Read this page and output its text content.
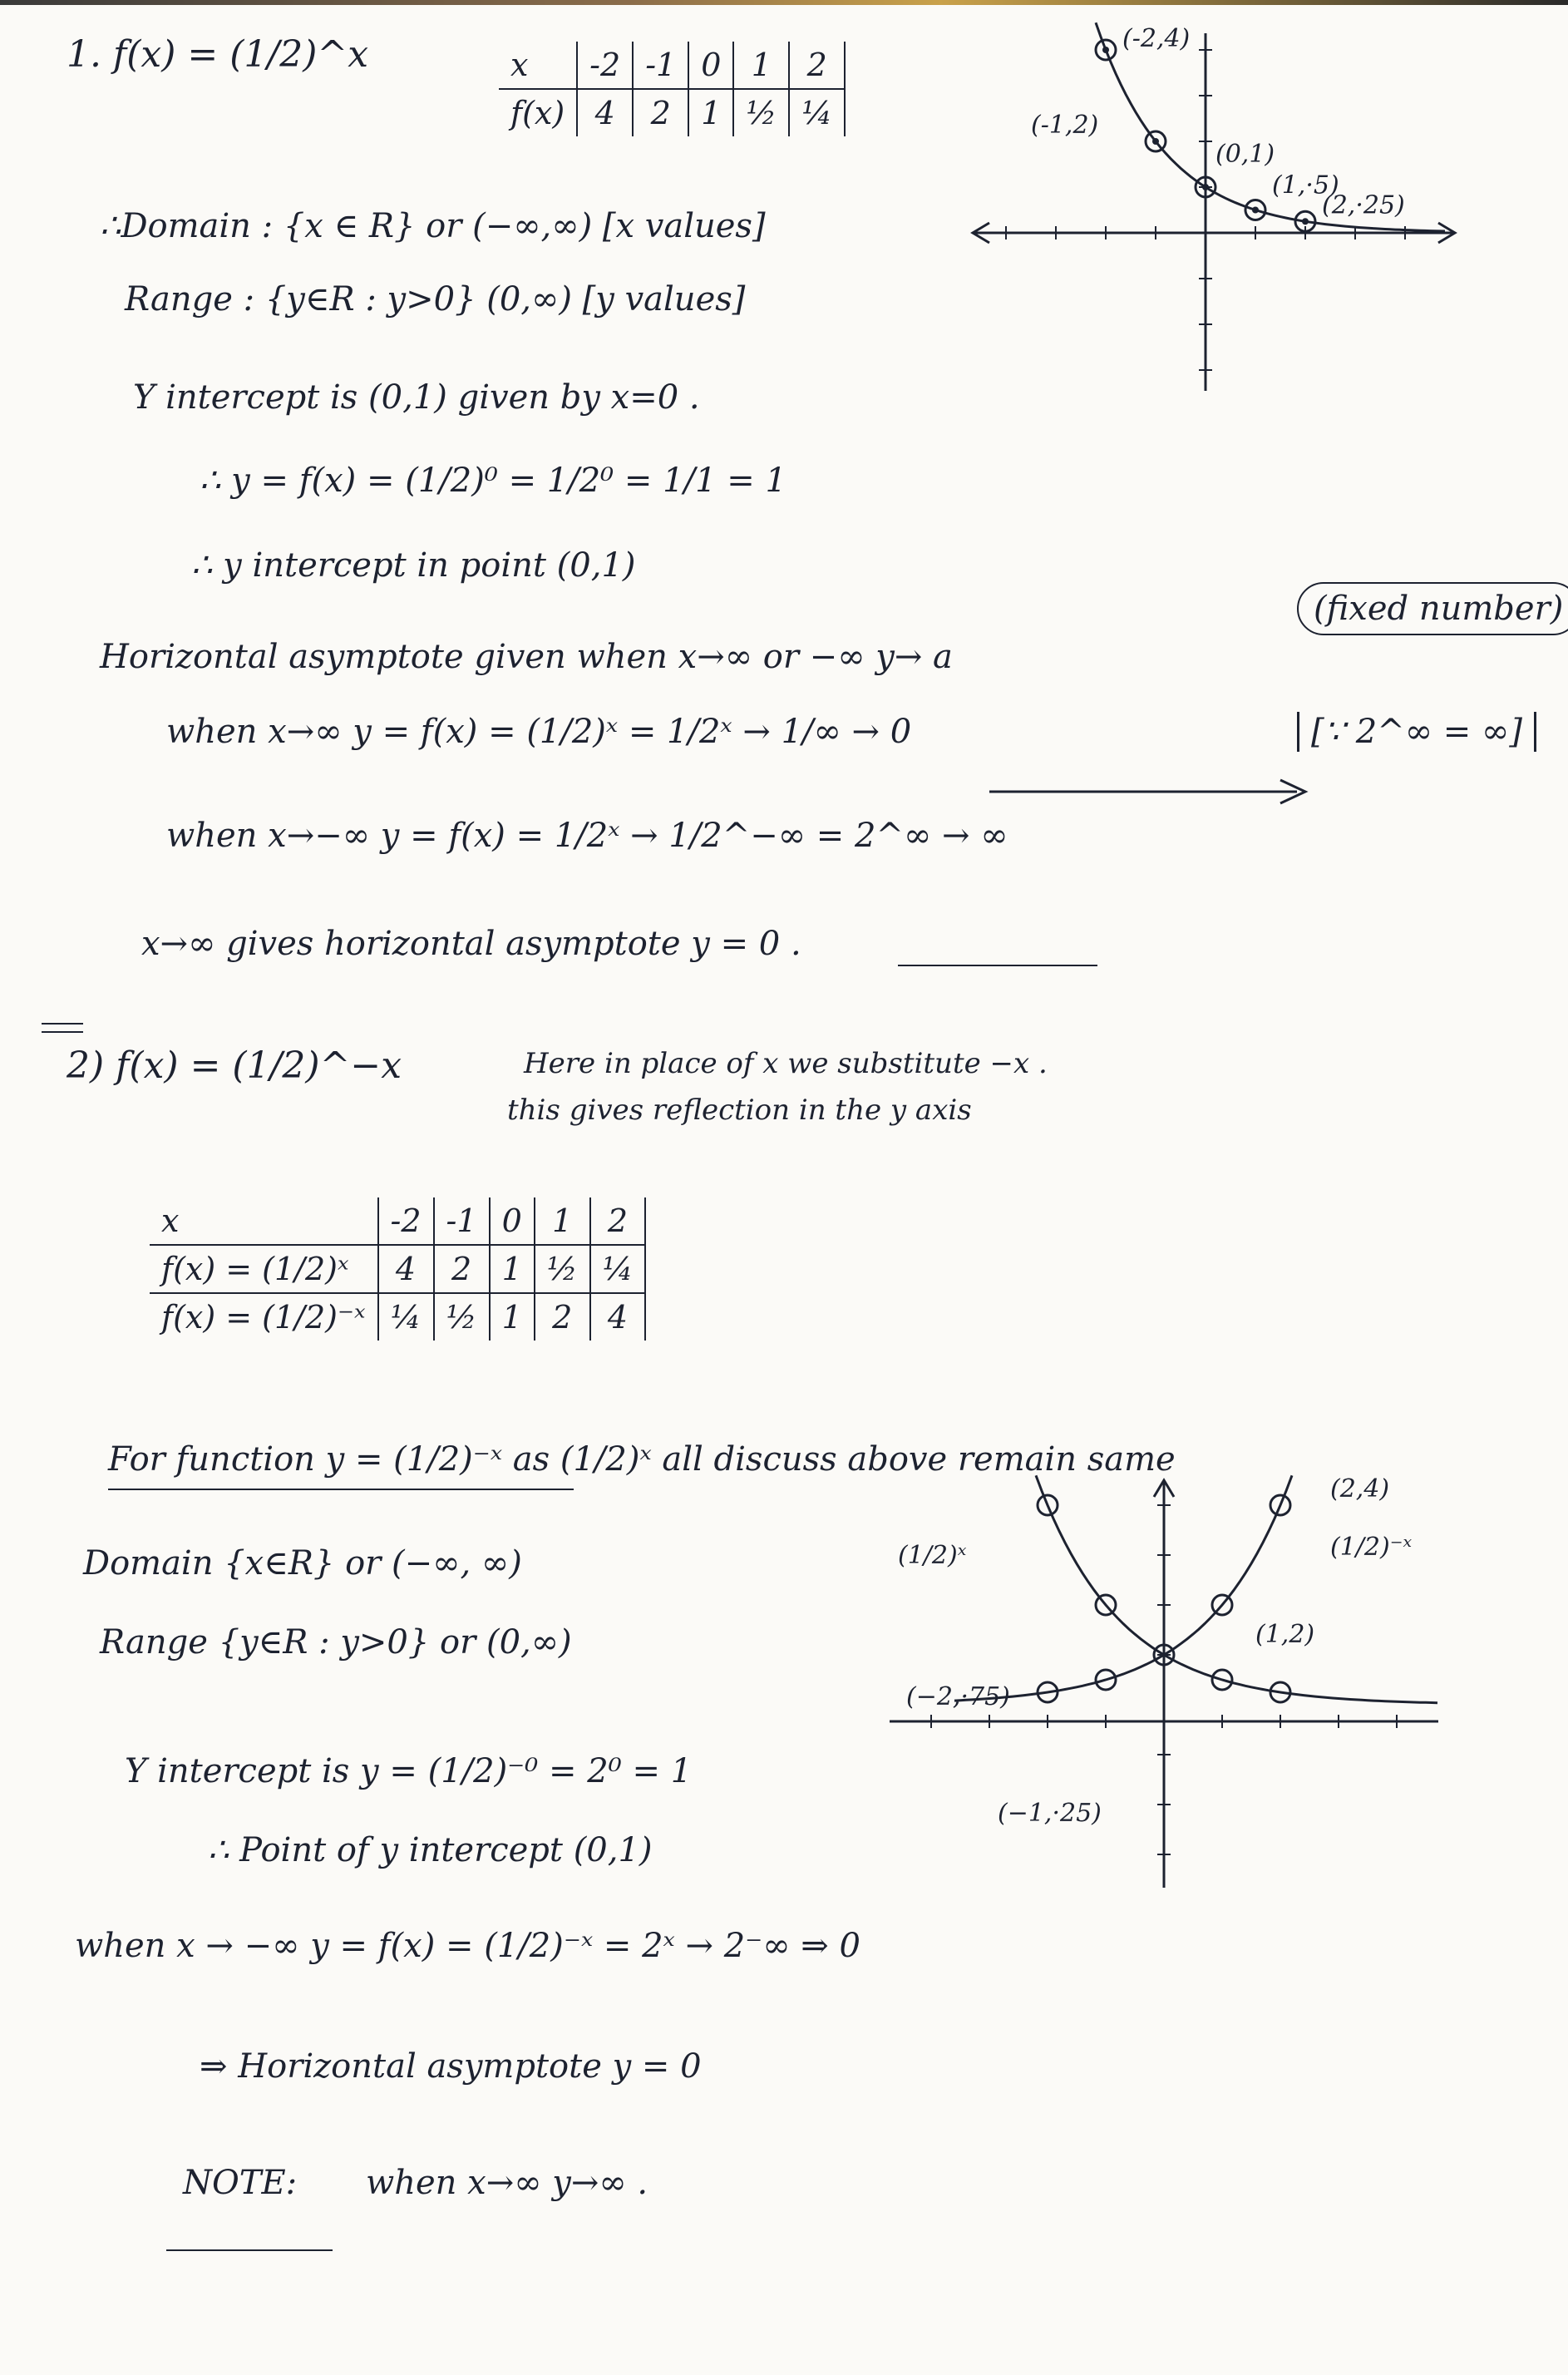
1. f(x) = (1/2)^x	x	-2	-1	0	1	2
f(x)	4	2	1	½	¼
(-2,4)
(-1,2)
(0,1)
(1,·5)
(2,·25)
∴Domain : {x ∈ R} or (−∞,∞) [x values]
Range : {y∈R : y>0} (0,∞) [y values]
Y intercept is (0,1) given by x=0 .
∴ y = f(x) = (1/2)⁰ = 1/2⁰ = 1/1 = 1
∴ y intercept in point (0,1)
Horizontal asymptote given when x→∞ or −∞ y→ a
(fixed number)
when x→∞ y = f(x) = (1/2)ˣ = 1/2ˣ → 1/∞ → 0	[∵ 2^∞ = ∞]
when x→−∞ y = f(x) = 1/2ˣ → 1/2^−∞ = 2^∞ → ∞
x→∞ gives horizontal asymptote y = 0 .
2) f(x) = (1/2)^−x	Here in place of x we substitute −x .
this gives reflection in the y axis
x	-2	-1	0	1	2
f(x) = (1/2)ˣ	4	2	1	½	¼
f(x) = (1/2)⁻ˣ	¼	½	1	2	4
For function y = (1/2)⁻ˣ as (1/2)ˣ all discuss above remain same
(1/2)ˣ	(1/2)⁻ˣ
(2,4)
(1,2)
(−2,·75)
(−1,·25)
Domain {x∈R} or (−∞, ∞)
Range {y∈R : y>0} or (0,∞)
Y intercept is y = (1/2)⁻⁰ = 2⁰ = 1
∴ Point of y intercept (0,1)
when x → −∞ y = f(x) = (1/2)⁻ˣ = 2ˣ → 2⁻∞ ⇒ 0
⇒ Horizontal asymptote y = 0
NOTE: when x→∞ y→∞ .
